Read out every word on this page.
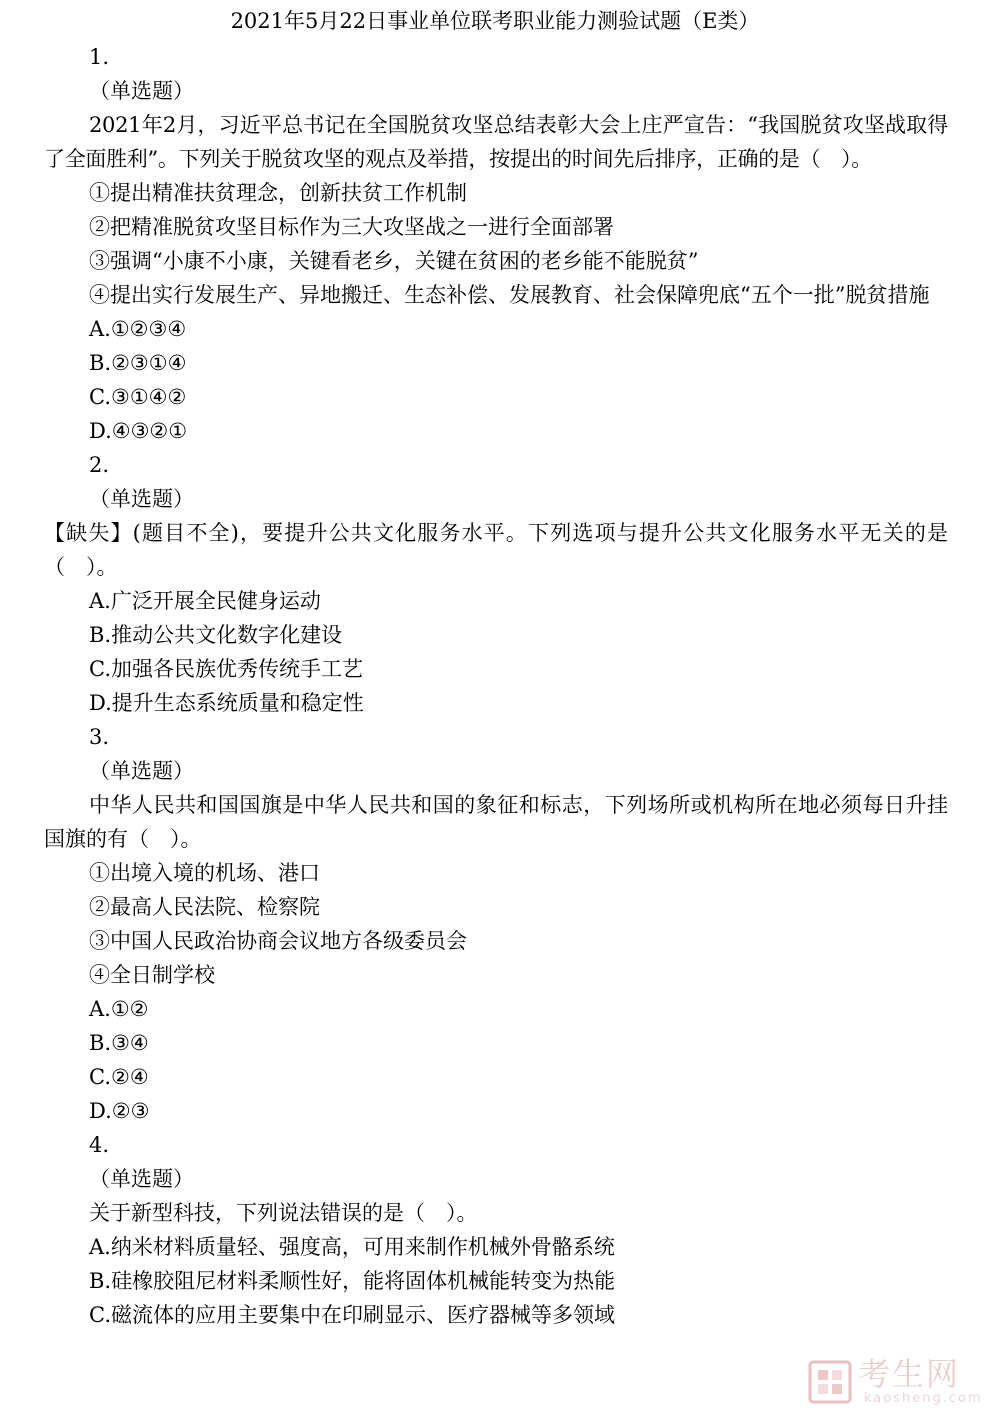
2021年5月22日事业单位联考职业能力测验试题（E类）
1.
（单选题）

2021年2月，习近平总书记在全国脱贫攻坚总结表彰大会上庄严宣告：“我国脱贫攻坚战取得了全面胜利”。下列关于脱贫攻坚的观点及举措，按提出的时间先后排序，正确的是（　）。

①提出精准扶贫理念，创新扶贫工作机制
②把精准脱贫攻坚目标作为三大攻坚战之一进行全面部署
③强调“小康不小康，关键看老乡，关键在贫困的老乡能不能脱贫”

④提出实行发展生产、异地搬迁、生态补偿、发展教育、社会保障兜底“五个一批”脱贫措施

A.①②③④
B.②③①④
C.③①④②
D.④③②①
2.
（单选题）

【缺失】(题目不全)，要提升公共文化服务水平。下列选项与提升公共文化服务水平无关的是（　）。

A.广泛开展全民健身运动
B.推动公共文化数字化建设
C.加强各民族优秀传统手工艺
D.提升生态系统质量和稳定性
3.
（单选题）

中华人民共和国国旗是中华人民共和国的象征和标志，下列场所或机构所在地必须每日升挂国旗的有（　）。

①出境入境的机场、港口
②最高人民法院、检察院
③中国人民政治协商会议地方各级委员会
④全日制学校
A.①②
B.③④
C.②④
D.②③
4.
（单选题）
关于新型科技，下列说法错误的是（　）。
A.纳米材料质量轻、强度高，可用来制作机械外骨骼系统
B.硅橡胶阻尼材料柔顺性好，能将固体机械能转变为热能
C.磁流体的应用主要集中在印刷显示、医疗器械等多领域
考生网
kaosheng.com
